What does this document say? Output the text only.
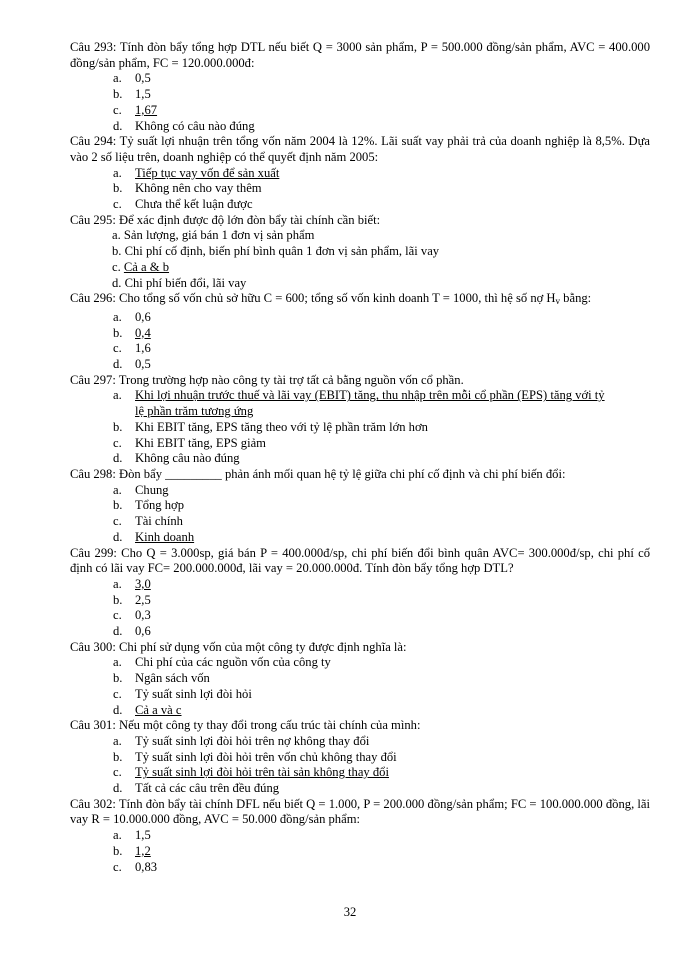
Câu 293: Tính đòn bẩy tổng hợp DTL nếu biết Q = 3000 sản phẩm, P = 500.000 đồng/sản phẩm, AVC = 400.000 đồng/sản phẩm, FC = 120.000.000đ:
a.	0,5
b. 1,5
c.	1,67
d. Không có câu nào đúng
Câu 294: Tỷ suất lợi nhuận trên tổng vốn năm 2004 là 12%. Lãi suất vay phải trả của doanh nghiệp là 8,5%. Dựa vào 2 số liệu trên, doanh nghiệp có thể quyết định năm 2005:
a.	Tiếp tục vay vốn để sản xuất
b. Không nên cho vay thêm
c.	Chưa thể kết luận được
Câu 295: Để xác định được độ lớn đòn bẩy tài chính cần biết:
a. Sản lượng, giá bán 1 đơn vị sản phẩm
b. Chi phí cố định, biến phí bình quân 1 đơn vị sản phẩm, lãi vay
c. Cả a & b
d. Chi phí biến đổi, lãi vay
Câu 296: Cho tổng số vốn chủ sở hữu C = 600; tổng số vốn kinh doanh T = 1000, thì hệ số nợ $H_v$ bằng:
a.	0,6
b. 0,4
c.	1,6
d. 0,5
Câu 297: Trong trường hợp nào công ty tài trợ tất cả bằng nguồn vốn cổ phần.
a.	Khi lợi nhuận trước thuế và lãi vay (EBIT) tăng, thu nhập trên mỗi cổ phần (EPS) tăng với tỷ
lệ phần trăm tương ứng
b. Khi EBIT tăng, EPS tăng theo với tỷ lệ phần trăm lớn hơn
c.	Khi EBIT tăng, EPS giảm
d. Không câu nào đúng
Câu 298: Đòn bẩy _________ phản ánh mối quan hệ tỷ lệ giữa chi phí cố định và chi phí biến đổi:
a.	Chung
b. Tổng hợp
c.	Tài chính
d. Kinh doanh
Câu 299: Cho Q = 3.000sp, giá bán P = 400.000đ/sp, chi phí biến đổi bình quân AVC= 300.000đ/sp, chi phí cố định có lãi vay FC= 200.000.000đ, lãi vay = 20.000.000đ. Tính đòn bẩy tổng hợp DTL?
a.	3,0
b. 2,5
c.	0,3
d. 0,6
Câu 300: Chi phí sử dụng vốn của một công ty được định nghĩa là:
a.	Chi phí của các nguồn vốn của công ty
b. Ngân sách vốn
c.	Tỷ suất sinh lợi đòi hỏi
d. Cả a và c
Câu 301: Nếu một công ty thay đổi trong cấu trúc tài chính của mình:
a.	Tỷ suất sinh lợi đòi hỏi trên nợ không thay đổi
b. Tỷ suất sinh lợi đòi hỏi trên vốn chủ không thay đổi
c.	Tỷ suất sinh lợi đòi hỏi trên tài sản không thay đổi
d. Tất cả các câu trên đều đúng
Câu 302: Tính đòn bẩy tài chính DFL nếu biết Q = 1.000, P = 200.000 đồng/sản phẩm; FC = 100.000.000 đồng, lãi vay R = 10.000.000 đồng, AVC = 50.000 đồng/sản phẩm:
a.	1,5
b. 1,2
c.	0,83
32
